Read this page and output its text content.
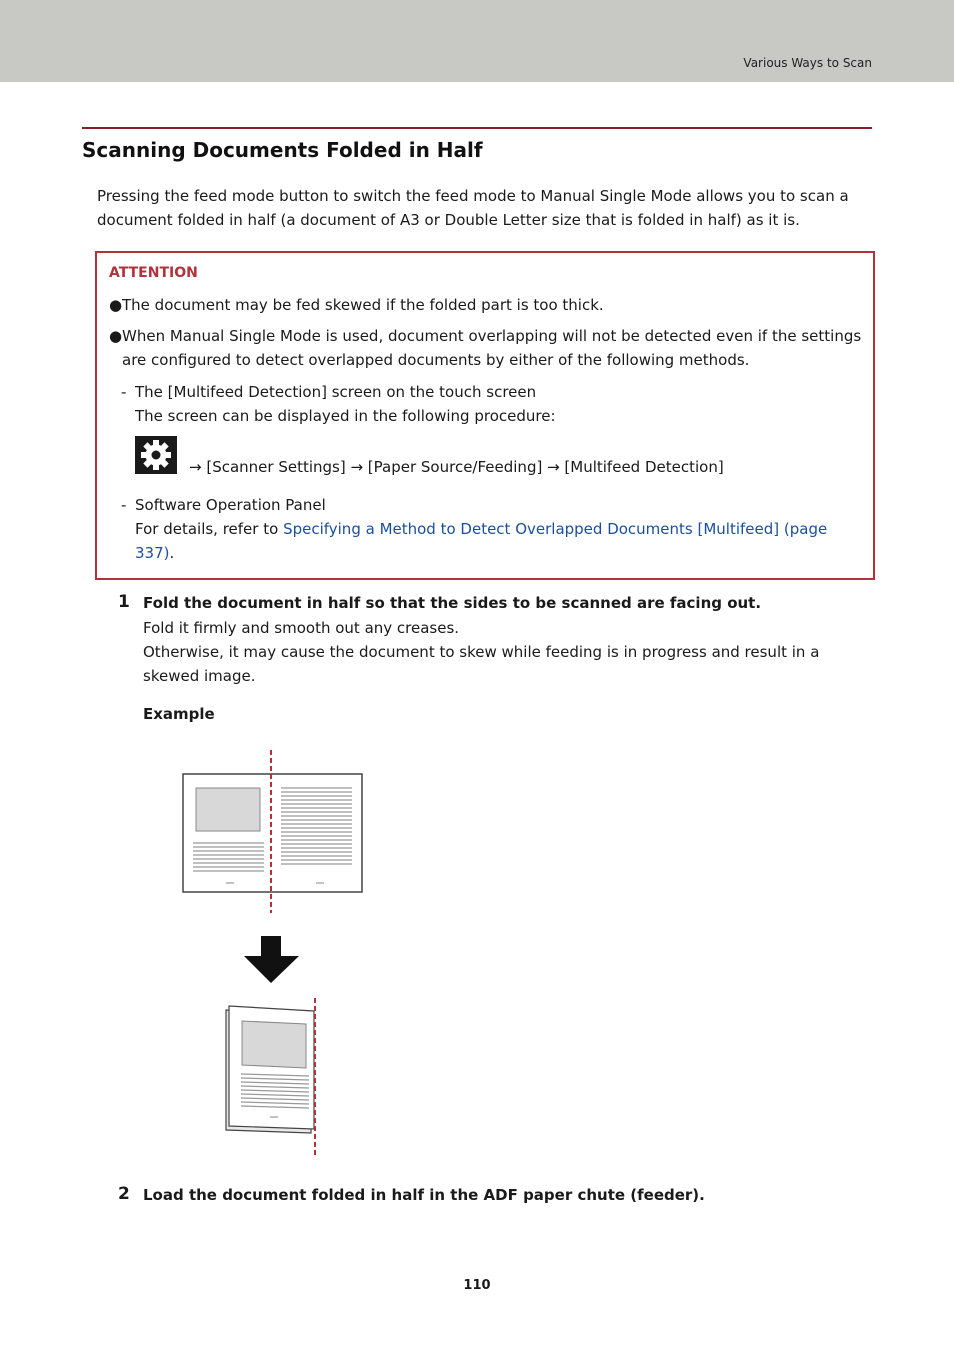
Various Ways to Scan
Scanning Documents Folded in Half
Pressing the feed mode button to switch the feed mode to Manual Single Mode allows you to scan a
document folded in half (a document of A3 or Double Letter size that is folded in half) as it is.
ATTENTION
● The document may be fed skewed if the folded part is too thick.
● When Manual Single Mode is used, document overlapping will not be detected even if the settings
are configured to detect overlapped documents by either of the following methods.
- The [Multifeed Detection] screen on the touch screen
The screen can be displayed in the following procedure:
→ [Scanner Settings] → [Paper Source/Feeding] → [Multifeed Detection]
- Software Operation Panel
For details, refer to Specifying a Method to Detect Overlapped Documents [Multifeed] (page
337).
1 Fold the document in half so that the sides to be scanned are facing out.
Fold it firmly and smooth out any creases.
Otherwise, it may cause the document to skew while feeding is in progress and result in a
skewed image.
Example
2 Load the document folded in half in the ADF paper chute (feeder).
110
